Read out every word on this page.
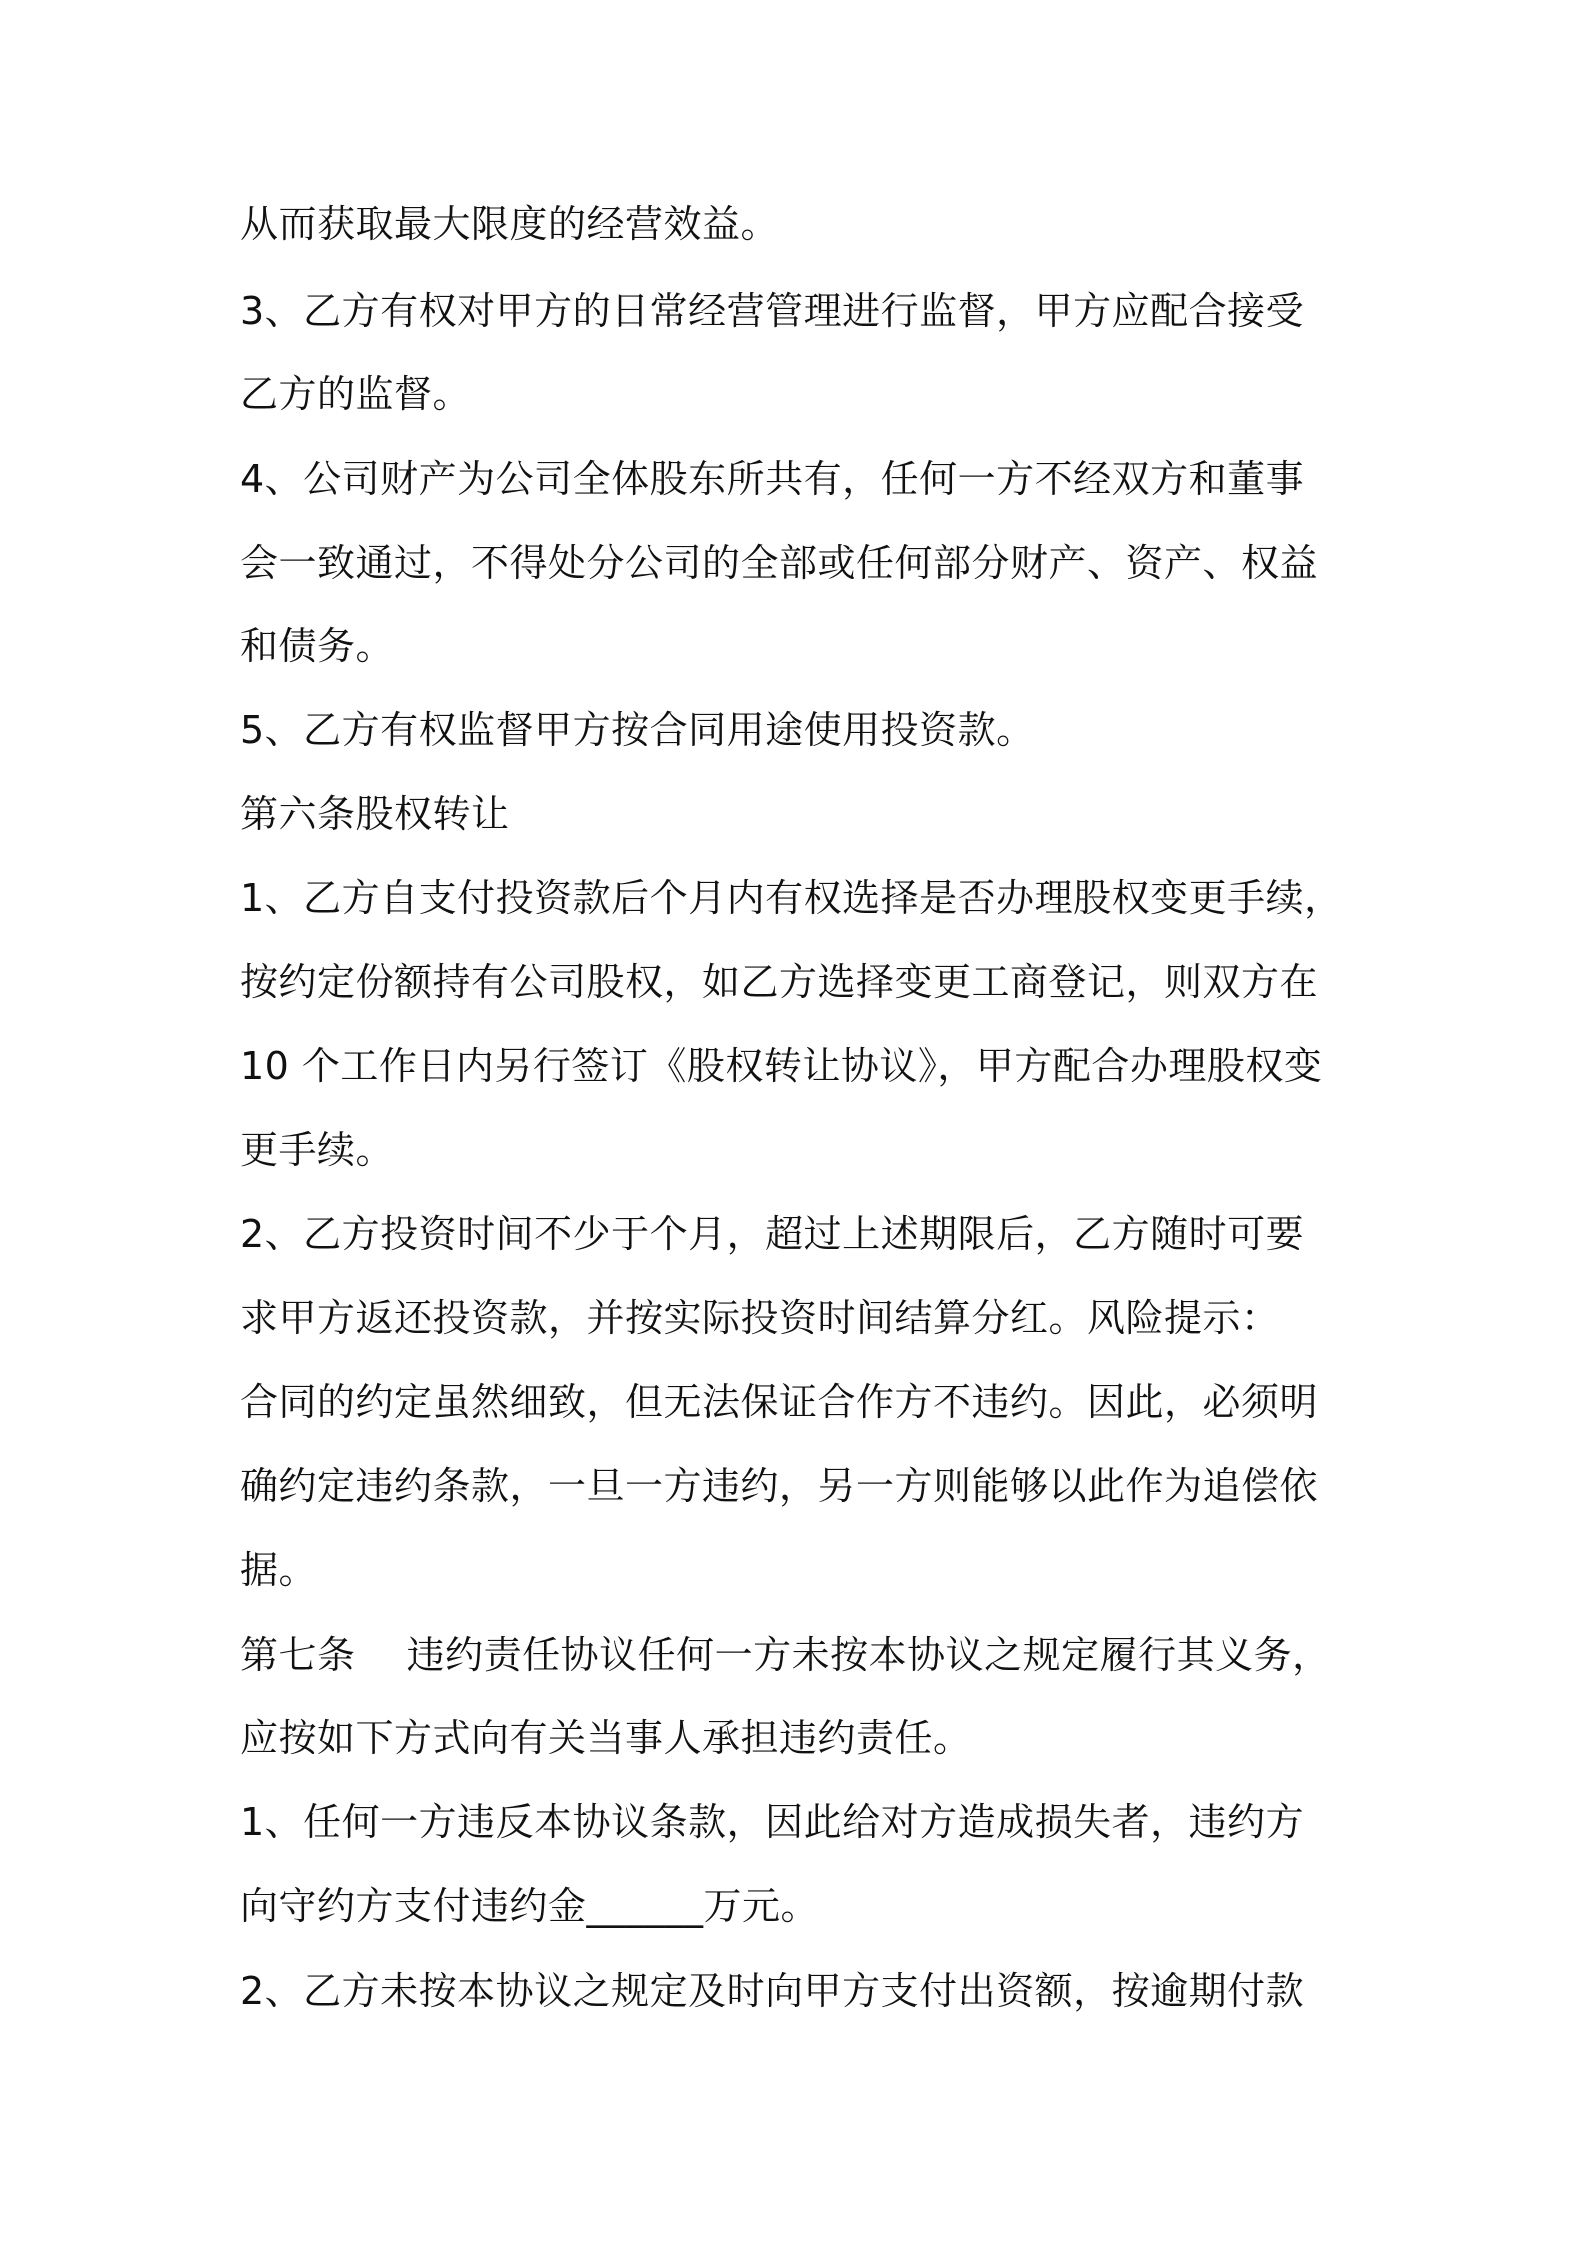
从而获取最大限度的经营效益。

3、乙方有权对甲方的日常经营管理进行监督，甲方应配合接受

乙方的监督。

4、公司财产为公司全体股东所共有，任何一方不经双方和董事

会一致通过，不得处分公司的全部或任何部分财产、资产、权益

和债务。

5、乙方有权监督甲方按合同用途使用投资款。

第六条股权转让

1、乙方自支付投资款后个月内有权选择是否办理股权变更手续，

按约定份额持有公司股权，如乙方选择变更工商登记，则双方在

10 个工作日内另行签订《股权转让协议》，甲方配合办理股权变

更手续。

2、乙方投资时间不少于个月，超过上述期限后，乙方随时可要

求甲方返还投资款，并按实际投资时间结算分红。风险提示：

合同的约定虽然细致，但无法保证合作方不违约。因此，必须明

确约定违约条款，一旦一方违约，另一方则能够以此作为追偿依

据。

第七条　 违约责任协议任何一方未按本协议之规定履行其义务，

应按如下方式向有关当事人承担违约责任。

1、任何一方违反本协议条款，因此给对方造成损失者，违约方

向守约方支付违约金______万元。

2、乙方未按本协议之规定及时向甲方支付出资额，按逾期付款
